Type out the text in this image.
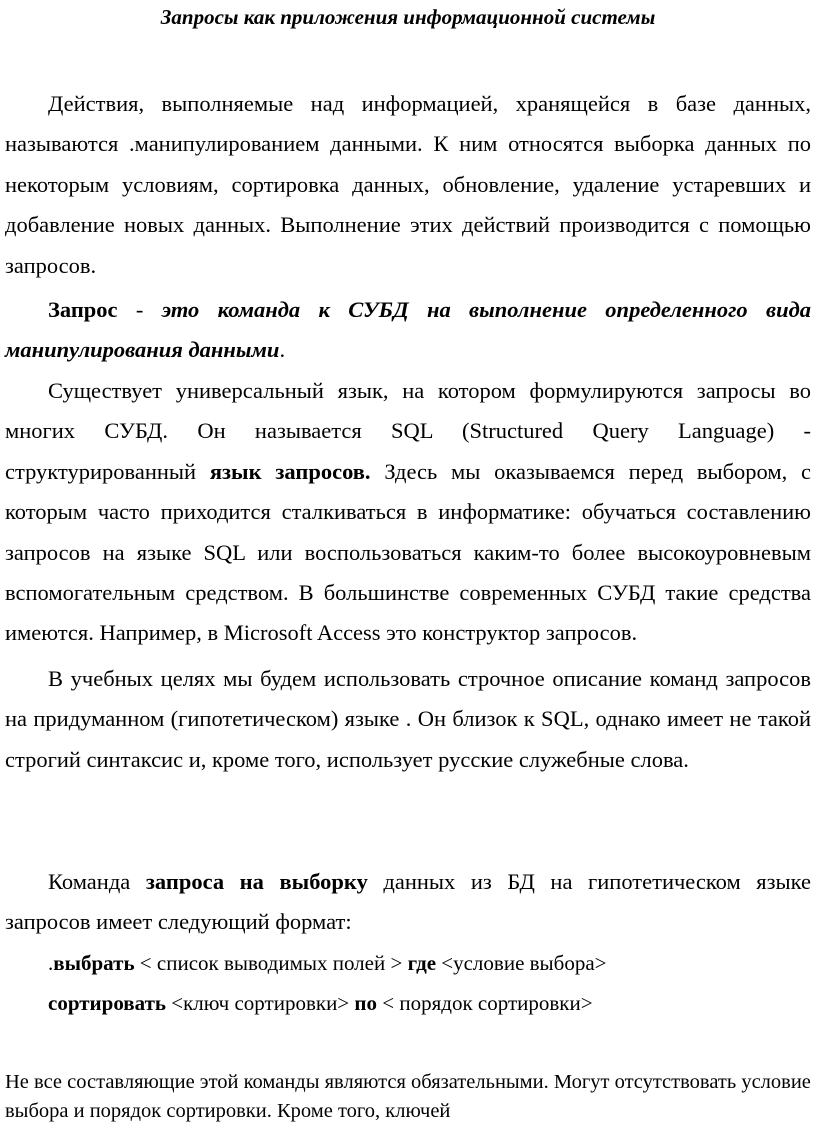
Запросы как приложения информационной системы
Действия, выполняемые над информацией, хранящейся в базе данных, называются .манипулированием данными. К ним относятся выборка данных по некоторым условиям, сортировка данных, обновление, удаление устаревших и добавление новых данных. Выполнение этих действий производится с помощью запросов.
Запрос - это команда к СУБД на выполнение определенного вида манипулирования данными.
Существует универсальный язык, на котором формулируются запросы во многих СУБД. Он называется SQL (Structured Query Language) - структурированный язык запросов. Здесь мы оказываемся перед выбором, с которым часто приходится сталкиваться в информатике: обучаться составлению запросов на языке SQL или воспользоваться каким-то более высокоуровневым вспомогательным средством. В большинстве современных СУБД такие средства имеются. Например, в Microsoft Access это конструктор запросов.
В учебных целях мы будем использовать строчное описание команд запросов на придуманном (гипотетическом) языке . Он близок к SQL, однако имеет не такой строгий синтаксис и, кроме того, использует русские служебные слова.
Команда запроса на выборку данных из БД на гипотетическом языке запросов имеет следующий формат:
.выбрать < список выводимых полей > где <условие выбора>
сортировать <ключ сортировки> по < порядок сортировки>
Не все составляющие этой команды являются обязательными. Могут отсутствовать условие выбора и порядок сортировки. Кроме того, ключей
